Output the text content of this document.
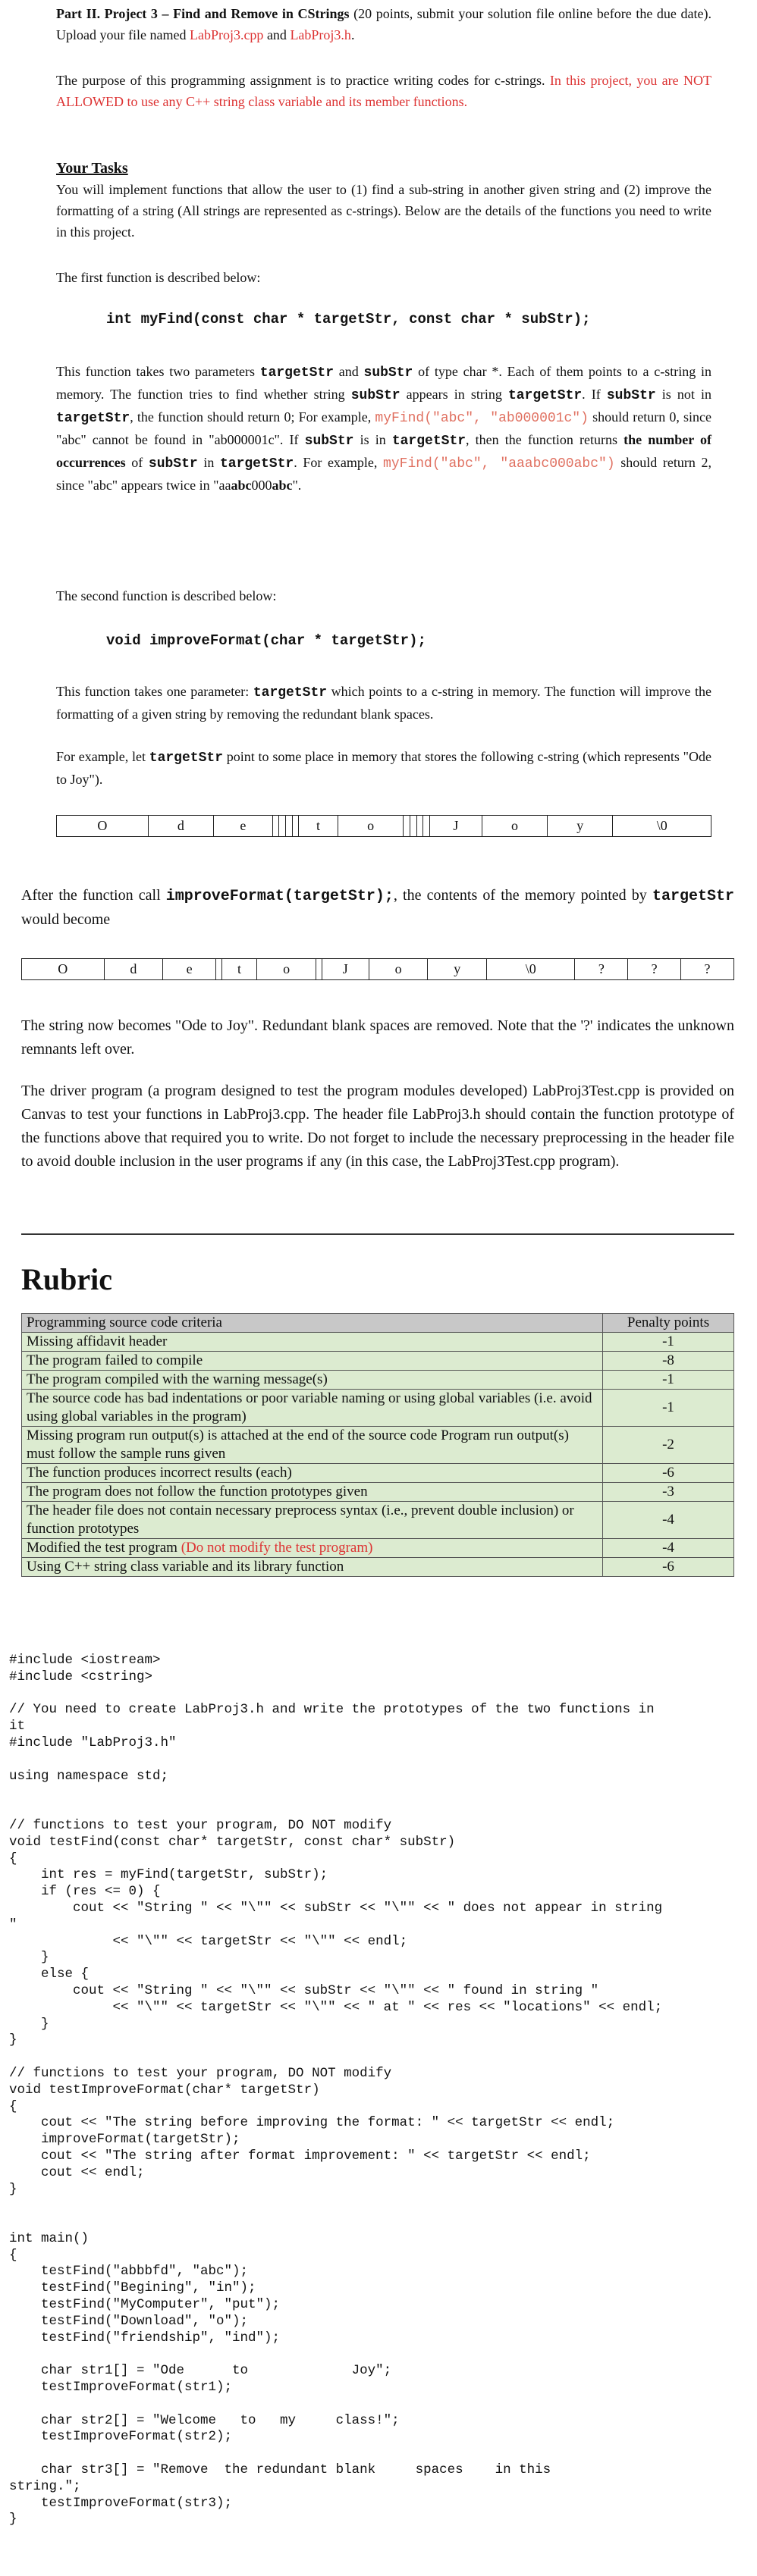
Part II. Project 3 – Find and Remove in CStrings (20 points, submit your solution file online before the due date). Upload your file named LabProj3.cpp and LabProj3.h.
The purpose of this programming assignment is to practice writing codes for c-strings. In this project, you are NOT ALLOWED to use any C++ string class variable and its member functions.
Your Tasks
You will implement functions that allow the user to (1) find a sub-string in another given string and (2) improve the formatting of a string (All strings are represented as c-strings). Below are the details of the functions you need to write in this project.
The first function is described below:
int myFind(const char * targetStr, const char * subStr);
This function takes two parameters targetStr and subStr of type char *. Each of them points to a c-string in memory. The function tries to find whether string subStr appears in string targetStr. If subStr is not in targetStr, the function should return 0; For example, myFind("abc", "ab000001c") should return 0, since "abc" cannot be found in "ab000001c". If subStr is in targetStr, then the function returns the number of occurrences of subStr in targetStr. For example, myFind("abc", "aaabc000abc") should return 2, since "abc" appears twice in "aaabc000abc".
The second function is described below:
void improveFormat(char * targetStr);
This function takes one parameter: targetStr which points to a c-string in memory. The function will improve the formatting of a given string by removing the redundant blank spaces.
For example, let targetStr point to some place in memory that stores the following c-string (which represents "Ode to Joy").
O	d	e					t	o					J	o	y	\0
After the function call improveFormat(targetStr);, the contents of the memory pointed by targetStr would become
O	d	e		t	o		J	o	y	\0	?	?	?
The string now becomes "Ode to Joy". Redundant blank spaces are removed. Note that the '?' indicates the unknown remnants left over.
The driver program (a program designed to test the program modules developed) LabProj3Test.cpp is provided on Canvas to test your functions in LabProj3.cpp. The header file LabProj3.h should contain the function prototype of the functions above that required you to write. Do not forget to include the necessary preprocessing in the header file to avoid double inclusion in the user programs if any (in this case, the LabProj3Test.cpp program).
Rubric
Programming source code criteria	Penalty points
Missing affidavit header	-1
The program failed to compile	-8
The program compiled with the warning message(s)	-1
The source code has bad indentations or poor variable naming or using global variables (i.e. avoid using global variables in the program)	-1
Missing program run output(s) is attached at the end of the source code Program run output(s) must follow the sample runs given	-2
The function produces incorrect results (each)	-6
The program does not follow the function prototypes given	-3
The header file does not contain necessary preprocess syntax (i.e., prevent double inclusion) or function prototypes	-4
Modified the test program (Do not modify the test program)	-4
Using C++ string class variable and its library function	-6
#include <iostream>
#include <cstring>

// You need to create LabProj3.h and write the prototypes of the two functions in
it
#include "LabProj3.h"

using namespace std;

// functions to test your program, DO NOT modify
void testFind(const char* targetStr, const char* subStr)
{
int res = myFind(targetStr, subStr);
if (res <= 0) {
cout << "String " << "\"" << subStr << "\"" << " does not appear in string
"
<< "\"" << targetStr << "\"" << endl;
}
else {
cout << "String " << "\"" << subStr << "\"" << " found in string "
<< "\"" << targetStr << "\"" << " at " << res << "locations" << endl;
}
}

// functions to test your program, DO NOT modify
void testImproveFormat(char* targetStr)
{
cout << "The string before improving the format: " << targetStr << endl;
improveFormat(targetStr);
cout << "The string after format improvement: " << targetStr << endl;
cout << endl;
}

int main()
{
testFind("abbbfd", "abc");
testFind("Begining", "in");
testFind("MyComputer", "put");
testFind("Download", "o");
testFind("friendship", "ind");

char str1[] = "Ode      to             Joy";
testImproveFormat(str1);

char str2[] = "Welcome   to   my     class!";
testImproveFormat(str2);

char str3[] = "Remove  the redundant blank     spaces    in this
string.";
testImproveFormat(str3);
}
